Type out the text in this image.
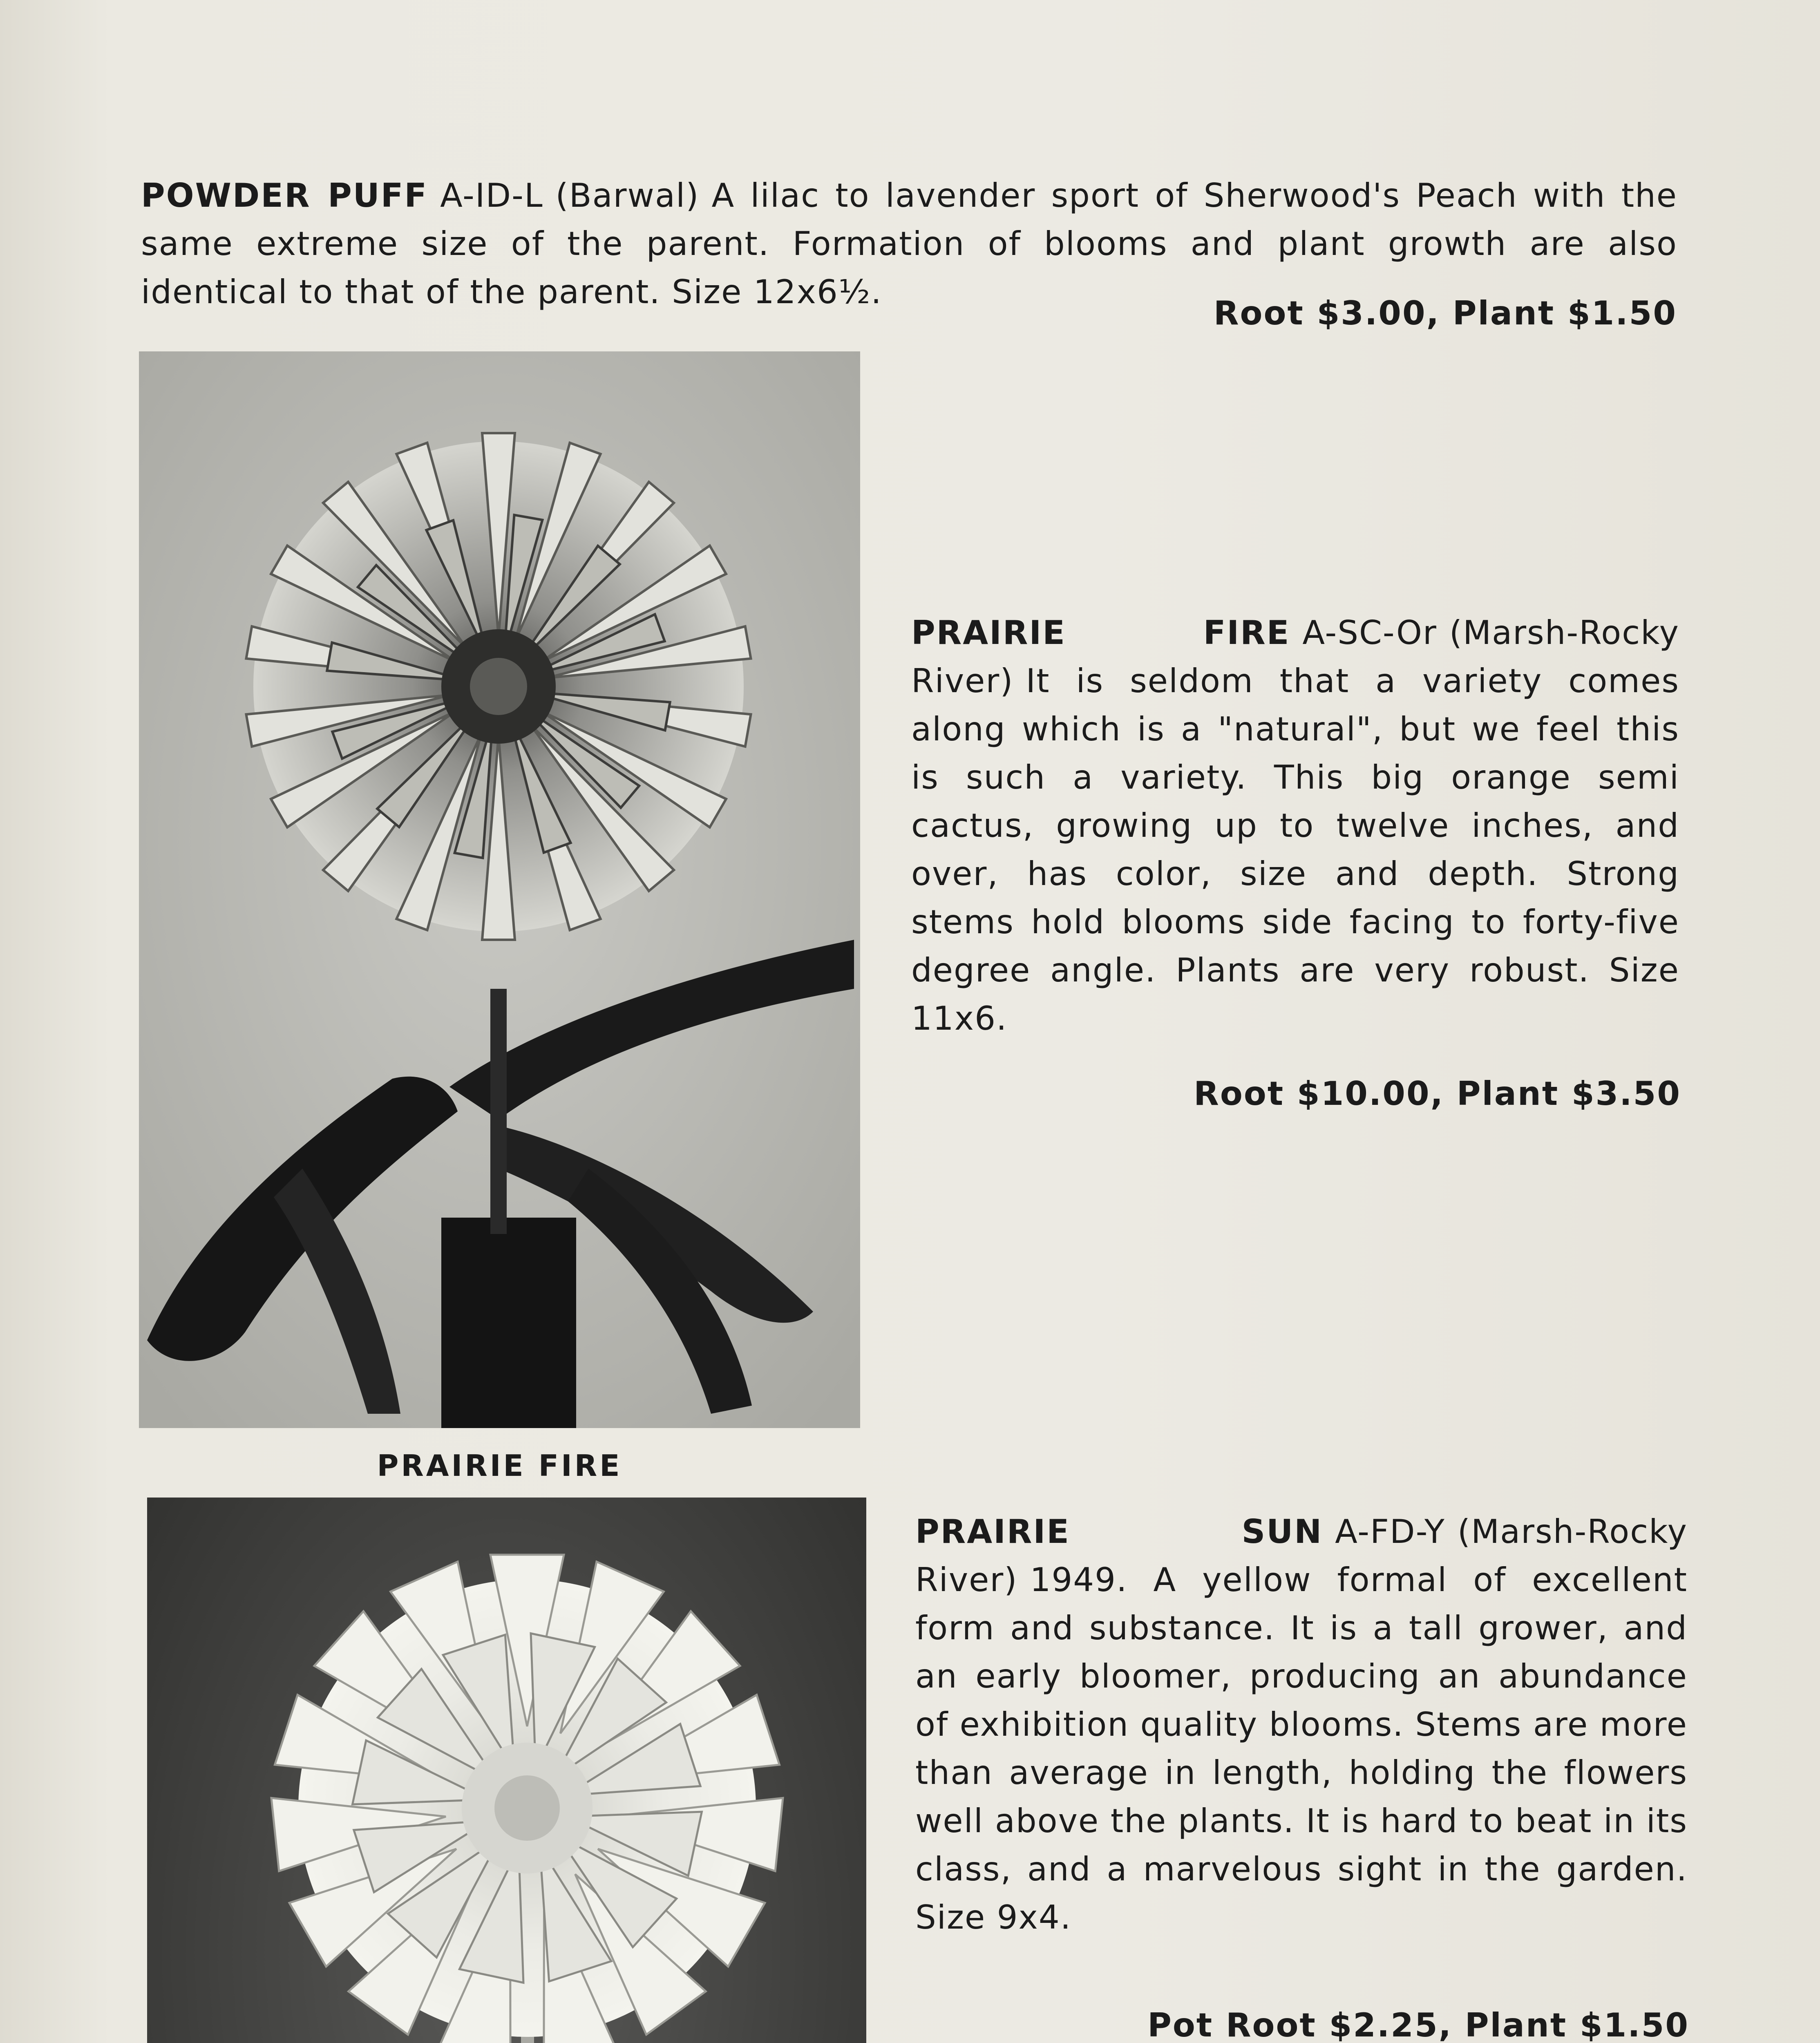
POWDER PUFF A-ID-L (Barwal) A lilac to lavender sport of Sherwood's Peach with the same extreme size of the parent. Formation of blooms and plant growth are also identical to that of the parent. Size 12x6½.
Root $3.00, Plant $1.50
PRAIRIE FIRE
PRAIRIE FIRE A-SC-Or (Marsh-Rocky River) It is seldom that a variety comes along which is a "natural", but we feel this is such a variety. This big orange semi cactus, growing up to twelve inches, and over, has color, size and depth. Strong stems hold blooms side facing to forty-five degree angle. Plants are very robust. Size 11x6.
Root $10.00, Plant $3.50
PRAIRIE SUN A-FD-Y (Marsh-Rocky River) 1949. A yellow formal of excellent form and substance. It is a tall grower, and an early bloomer, producing an abundance of exhibition quality blooms. Stems are more than average in length, holding the flowers well above the plants. It is hard to beat in its class, and a marvelous sight in the garden. Size 9x4.
Pot Root $2.25, Plant $1.50
